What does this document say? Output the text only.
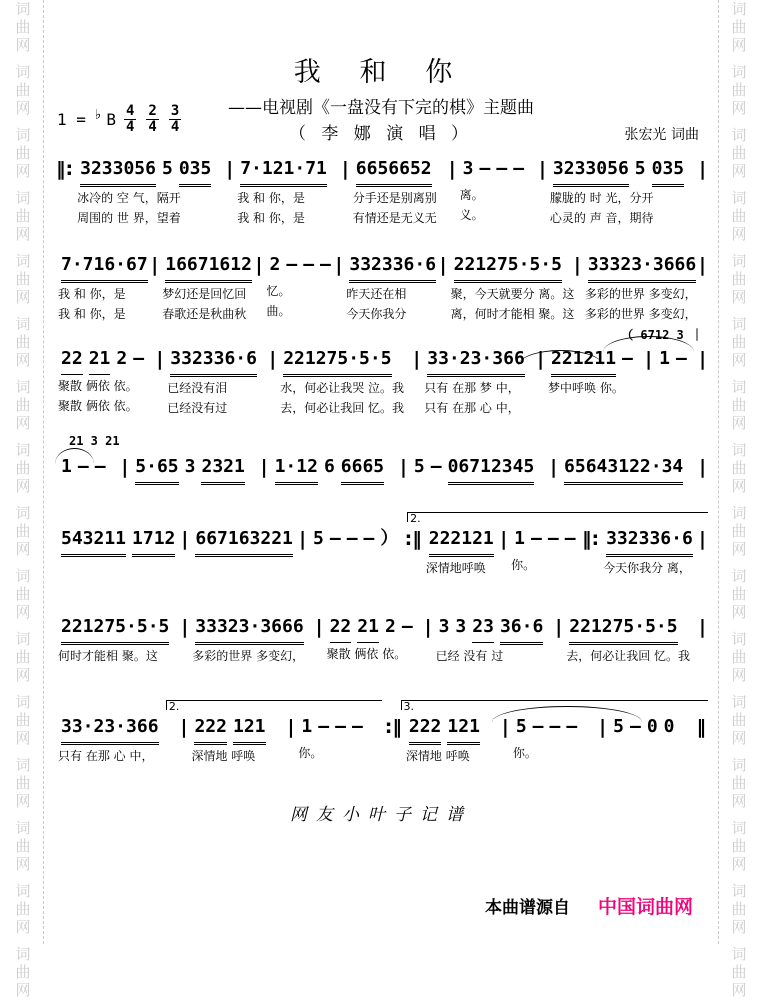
词
曲
网
词
曲
网
词
曲
网
词
曲
网
词
曲
网
词
曲
网
词
曲
网
词
曲
网
词
曲
网
词
曲
网
词
曲
网
词
曲
网
词
曲
网
词
曲
网
词
曲
网
词
曲
网
词
曲
网
词
曲
网
词
曲
网
词
曲
网
词
曲
网
词
曲
网
词
曲
网
词
曲
网
词
曲
网
词
曲
网
词
曲
网
词
曲
网
词
曲
网
词
曲
网
词
曲
网
词
曲
网
我 和 你
——电视剧《一盘没有下完的棋》主题曲
（ 李 娜 演 唱 ）	张宏光 词曲
1 = ♭ B $\frac{4}{4} \frac{2}{4} \frac{3}{4}$
‖: 3233056 5 035
冰冷的 空 气，隔开
周围的 世 界，望着
| 7·121·71
我 和 你，是
我 和 你，是
| 6656652
分手还是别离别
有情还是无义无
| 3 – – –
离。
义。
| 3233056 5 035
朦胧的 时 光，分开
心灵的 声 音，期待
|
7·716·67
我 和 你，是
我 和 你，是
| 16671612
梦幻还是回忆回
春歌还是秋曲秋
| 2 – – –
忆。
曲。
| 332336·6
昨天还在相
今天你我分
| 221275·5·5
聚，今天就要分 离。这
离，何时才能相 聚。这
| 33323·3666
多彩的世界 多变幻，
多彩的世界 多变幻，
|
（ 6712 3 ｜
22 21 2 –
聚散 俩依 依。
聚散 俩依 依。
| 332336·6
已经没有泪
已经没有过
| 221275·5·5
水，何必让我哭 泣。我
去，何必让我回 忆。我
| 33·23·366
只有 在那 梦 中，
只有 在那 心 中，
| 221211 –
梦中呼唤 你。

| 1 –

|
21 3 21
1 – – | 5·65 3 2321 | 1·12 6 6665 | 5 – 06712345 | 65643122·34 |
2.
543211 1712
| 667163221
| 5 – – – ）
:‖ 222121
深情地呼唤
| 1 – – –
你。
‖: 332336·6
今天你我分 离，
|
221275·5·5
何时才能相 聚。这
| 33323·3666
多彩的世界 多变幻，
| 22 21 2 –
聚散 俩依 依。
| 3 3 23 36·6
已经 没有 过
| 221275·5·5
去，何必让我回 忆。我
|
2.	3.
33·23·366
只有 在那 心 中，
| 222 121
深情地 呼唤
| 1 – – –
你。
:‖ 222 121
深情地 呼唤
| 5 – – –
你。
| 5 – 0 0
	‖
网友小叶子记谱
本曲谱源自 中国词曲网
